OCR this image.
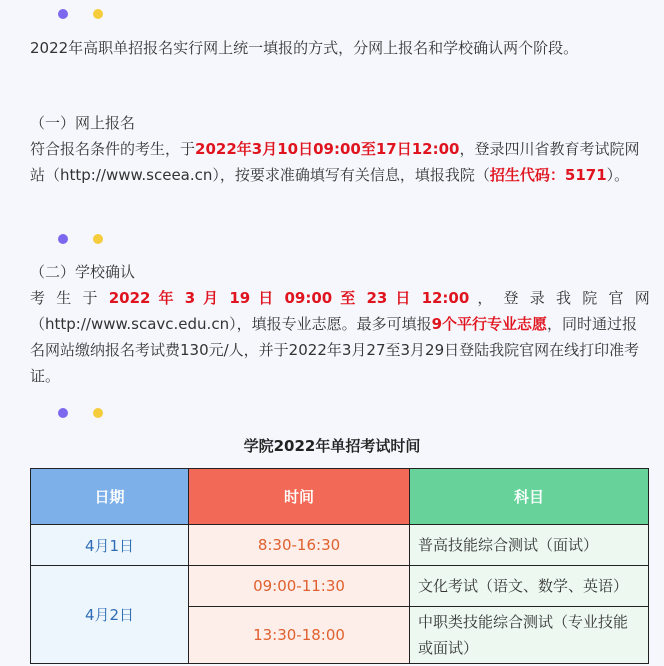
2022年高职单招报名实行网上统一填报的方式，分网上报名和学校确认两个阶段。
（一）网上报名
符合报名条件的考生，于2022年3月10日09:00至17日12:00，登录四川省教育考试院网站（http://www.sceea.cn），按要求准确填写有关信息，填报我院（招生代码：5171）。
（二）学校确认
考 生 于 2022 年 3 月 19 日 09:00 至 23 日 12:00 ， 登 录 我 院 官 网
（http://www.scavc.edu.cn），填报专业志愿。最多可填报9个平行专业志愿，同时通过报名网站缴纳报名考试费130元/人，并于2022年3月27至3月29日登陆我院官网在线打印准考证。
学院2022年单招考试时间
日期	时间	科目
4月1日	8:30-16:30	普高技能综合测试（面试）
4月2日	09:00-11:30	文化考试（语文、数学、英语）
	13:30-18:00	中职类技能综合测试（专业技能或面试）
